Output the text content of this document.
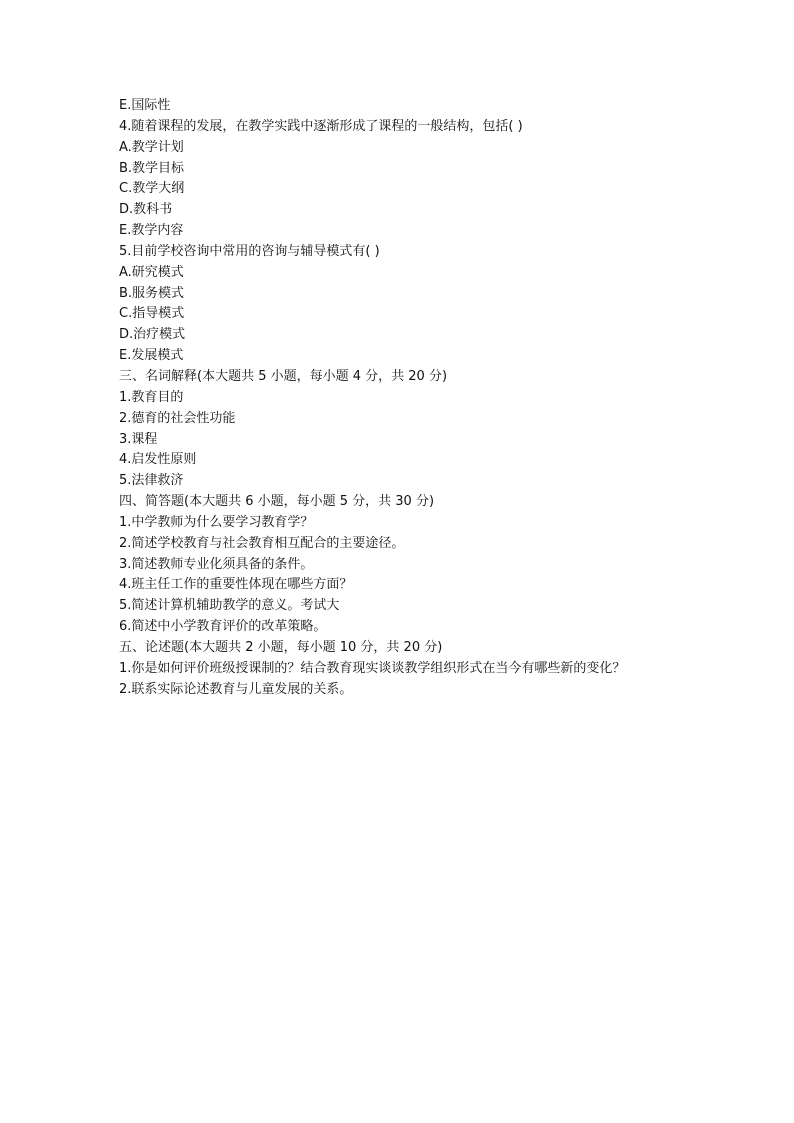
E.国际性
4.随着课程的发展，在教学实践中逐渐形成了课程的一般结构，包括( )
A.教学计划
B.教学目标
C.教学大纲
D.教科书
E.教学内容
5.目前学校咨询中常用的咨询与辅导模式有( )
A.研究模式
B.服务模式
C.指导模式
D.治疗模式
E.发展模式
三、名词解释(本大题共 5 小题，每小题 4 分，共 20 分)
1.教育目的
2.德育的社会性功能
3.课程
4.启发性原则
5.法律救济
四、简答题(本大题共 6 小题，每小题 5 分，共 30 分)
1.中学教师为什么要学习教育学？
2.简述学校教育与社会教育相互配合的主要途径。
3.简述教师专业化须具备的条件。
4.班主任工作的重要性体现在哪些方面？
5.简述计算机辅助教学的意义。考试大
6.简述中小学教育评价的改革策略。
五、论述题(本大题共 2 小题，每小题 10 分，共 20 分)
1.你是如何评价班级授课制的？结合教育现实谈谈教学组织形式在当今有哪些新的变化？
2.联系实际论述教育与儿童发展的关系。
